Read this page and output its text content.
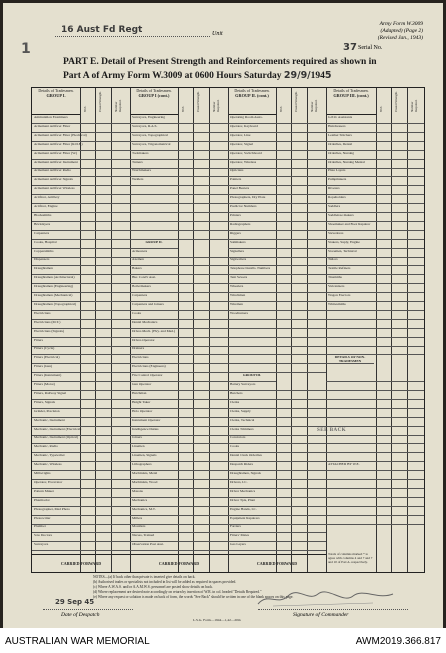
16 Aust Fd Regt	Unit
Army Form W.3009
(Adapted) (Page 2)
(Revised Jan., 1943)
37 Serial No.
1
PART E. Detail of Present Strength and Reinforcements required as shown in Part A of Army Form W.3009 at 0600 Hours Saturday 29/9/1945
Details of Tradesmen.
GROUP I.
Details of Tradesmen.
GROUP I (cont.)
Details of Tradesmen.
GROUP II. (cont.)
Details of Tradesmen.
GROUP III. (cont.)
W.E.	Posted Strength.	Number Required.	W.E.	Posted Strength.	Number Required.	W.E.	Posted Strength.	Number Required.	W.E.	Posted Strength.	Number Required.
SEE BACK
CARRIED FORWARD	CARRIED FORWARD	CARRIED FORWARD
Totals of columns marked * to agree with columns 4 and 7 and 7 and 10 of Part A. respectively.
Ammunition Examiners
Armament Artificer Fitter
Armament Artificer Fitter (Electrical)
Armament Artificer Fitter (R.D.F.)
Armament Artificer Fitter (W.)
Armament Artificer Instrument
Armament Artificer Radio
Armament Artificer Signals
Armament Artificer Wireless
Artificer, Artillery
Artificer, Engine
Blacksmiths
Bricklayers
Carpenters
Cooks, Hospital
Coppersmiths
Dispensers
Draughtsmen
Draughtsmen (Architectural)
Draughtsmen (Engineering)
Draughtsmen (Mechanical)
Draughtsmen (Topographical)
Electricians
Electricians (M.T.)
Electricians (Signals)
Fitters
Fitters (Cycle)
Fitters (Electrical)
Fitters (Gun)
Fitters (Instrument)
Fitters (Motor)
Fitters, Railway Signal
Fitters, Signals
Grinder, Precision
Mechanic, Instrument
Mechanic, Instrument (Electrical)
Mechanic, Instrument (Optical)
Mechanic, Radio
Mechanic, Typewriter
Mechanic, Wireless
Millwrights
Operator, Excavator
Pattern Maker
Pharmacist
Photographer, Med Photo
Photowriter
Plumber
Saw Doctors
Surveyors
Surveyors, Engineering
Surveyors, R.A.S.
Surveyors, Topographical
Surveyors, Trigonometrical
Toolmakers
Turners
Watchmakers
Welders
GROUP II.
Armourers
Axemen
Bakers
Bkr. Cond'r Asst.
Boilermakers
Carpenters
Carpenters and Joiners
Cooks
Dental Mechanics
Driver-Mech. (Hvy. and Med.)
Driver-Operator
Drainers
Electricians
Electricians (Engineers)
Fire Control Operator
Gun Operator
Hatchman
Height Taker
Holo Operator
Instrument Operator
Intelligence Duties
Joiners
Linemen
Linemen, Signals
Lithographers
Machinists, Metal
Machinists, Wood
Masons
Mechanics
Mechanics, M.T.
Millers
Moulders
Nurses, Trained
Observation Post Asst.
Operating Room Assts.
Operator, Keyboard
Operator, Line
Operator, Signal
Operator, Switchboard
Operator, Wireless
Opticians
Painters
Panel Beaters
Photographers, Dry Plate
Predictor Numbers
Printers
Radiographers
Riggers
Sailmakers
Signallers
Signwriters
Telephone Installs. Numbers
Tent Sewers
Wheelers
Winchmen
Wiremen
Woodturners
GROUP III.
Battery Surveyors
Butchers
Clerks
Clerks, Supply
Clerks, Technical
Clerks Trimmers
Concretors
Cooks
Dental Clerk Orderlies
Despatch Riders
Draughtsmen, Signals
Drivers, I.C.
Driver Mechanics
Driver Tpts, Plant
Engine Hands, I.C.
Equipment Repairers
Farriers
Fitters' Mates
Gas Layers
G.P.O. Assistants
Hairdressers
Leather Stitchers
Orderlies, Dental
Orderlies, Nursing
Orderlies, Nursing Mental
Plate Layers
Pumpmakers
Riveters
Ropeholders
Saddlers
Saddletree makers
Shoemaker and Boot Repairer
Stevedores
Stokers, Suply, Engine
Storemen, Technical
Tailors
Textile Refiners
Tinsmiths
Vulcanisers
Wagon Erectors
Whitesmiths
DETAILS OF NON-TRADESMEN
ATTACHED BY W.E.
NOTES—(a) If back other than private is inserted give details on back.
(b) Authorised trades or specialists not included in list will be added as required in spaces provided.
(c) Where A.W.A.S. and/or A.A.M.W.S. personnel are posted show details on back.
(d) Where replacement are desired note accordingly on return by insertion of W.R. in col. headed "Details Required."
(e) Where any request or solution is made on back of form, the words "See Back" should be written in one of the blank spaces on this page.
29 Sep 45
Date of Despatch	Signature of Commander
L.S.G. Form—1944—1,42—20m
AUSTRALIAN WAR MEMORIAL	AWM2019.366.817
